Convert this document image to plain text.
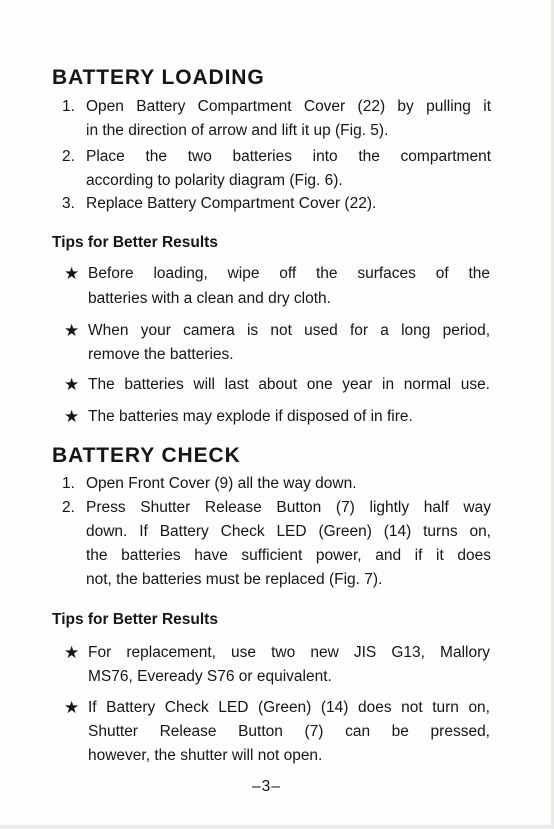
BATTERY LOADING
1. Open Battery Compartment Cover (22) by pulling it
in the direction of arrow and lift it up (Fig. 5).
2. Place the two batteries into the compartment
according to polarity diagram (Fig. 6).
3. Replace Battery Compartment Cover (22).
Tips for Better Results
★ Before loading, wipe off the surfaces of the
batteries with a clean and dry cloth.
★ When your camera is not used for a long period,
remove the batteries.
★ The batteries will last about one year in normal use.
★ The batteries may explode if disposed of in fire.
BATTERY CHECK
1. Open Front Cover (9) all the way down.
2. Press Shutter Release Button (7) lightly half way
down. If Battery Check LED (Green) (14) turns on,
the batteries have sufficient power, and if it does
not, the batteries must be replaced (Fig. 7).
Tips for Better Results
★ For replacement, use two new JIS G13, Mallory
MS76, Eveready S76 or equivalent.
★ If Battery Check LED (Green) (14) does not turn on,
Shutter Release Button (7) can be pressed,
however, the shutter will not open.
–3–
